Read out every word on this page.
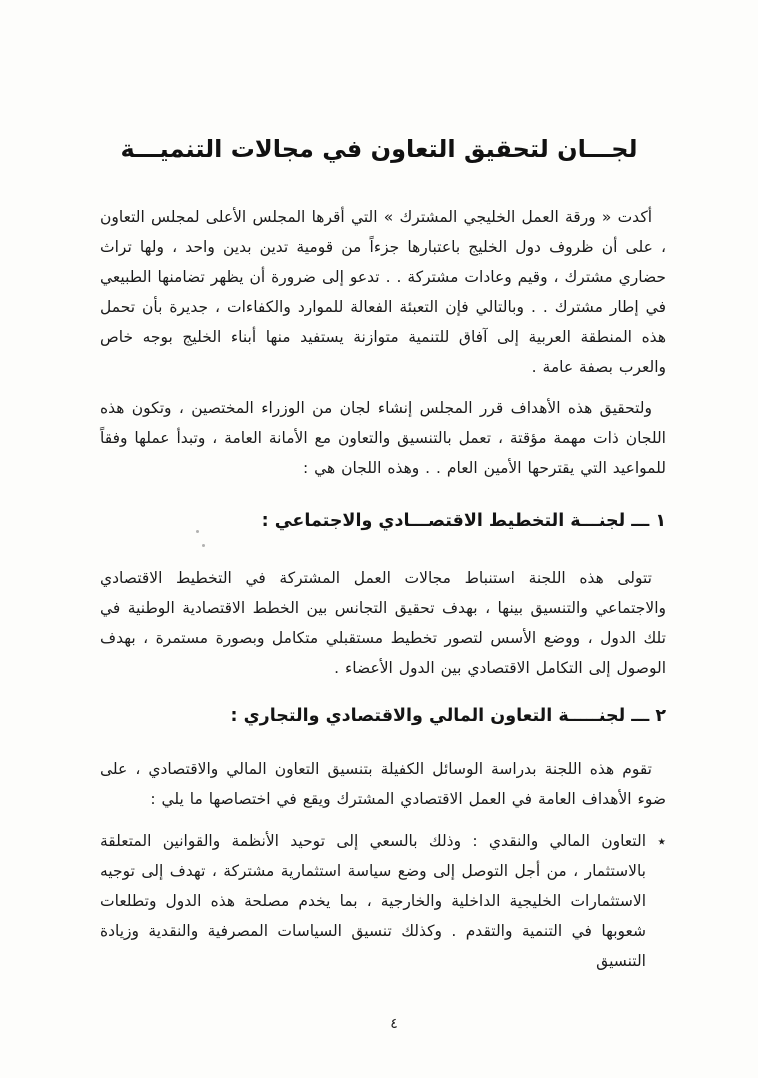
لجـــان لتحقيق التعاون في مجالات التنميـــة

أكدت « ورقة العمل الخليجي المشترك » التي أقرها المجلس الأعلى لمجلس التعاون ، على أن ظروف دول الخليج باعتبارها جزءاً من قومية تدين بدين واحد ، ولها تراث حضاري مشترك ، وقيم وعادات مشتركة . . تدعو إلى ضرورة أن يظهر تضامنها الطبيعي في إطار مشترك . . وبالتالي فإن التعبئة الفعالة للموارد والكفاءات ، جديرة بأن تحمل هذه المنطقة العربية إلى آفاق للتنمية متوازنة يستفيد منها أبناء الخليج بوجه خاص والعرب بصفة عامة .

ولتحقيق هذه الأهداف قرر المجلس إنشاء لجان من الوزراء المختصين ، وتكون هذه اللجان ذات مهمة مؤقتة ، تعمل بالتنسيق والتعاون مع الأمانة العامة ، وتبدأ عملها وفقاً للمواعيد التي يقترحها الأمين العام . . وهذه اللجان هي :

١ ـــ لجنـــة التخطيط الاقتصـــادي والاجتماعي :

تتولى هذه اللجنة استنباط مجالات العمل المشتركة في التخطيط الاقتصادي والاجتماعي والتنسيق بينها ، بهدف تحقيق التجانس بين الخطط الاقتصادية الوطنية في تلك الدول ، ووضع الأسس لتصور تخطيط مستقبلي متكامل وبصورة مستمرة ، بهدف الوصول إلى التكامل الاقتصادي بين الدول الأعضاء .

٢ ـــ لجنـــــة التعاون المالي والاقتصادي والتجاري :

تقوم هذه اللجنة بدراسة الوسائل الكفيلة بتنسيق التعاون المالي والاقتصادي ، على ضوء الأهداف العامة في العمل الاقتصادي المشترك ويقع في اختصاصها ما يلي :

٭

التعاون المالي والنقدي : وذلك بالسعي إلى توحيد الأنظمة والقوانين المتعلقة بالاستثمار ، من أجل التوصل إلى وضع سياسة استثمارية مشتركة ، تهدف إلى توجيه الاستثمارات الخليجية الداخلية والخارجية ، بما يخدم مصلحة هذه الدول وتطلعات شعوبها في التنمية والتقدم . وكذلك تنسيق السياسات المصرفية والنقدية وزيادة التنسيق

٤
